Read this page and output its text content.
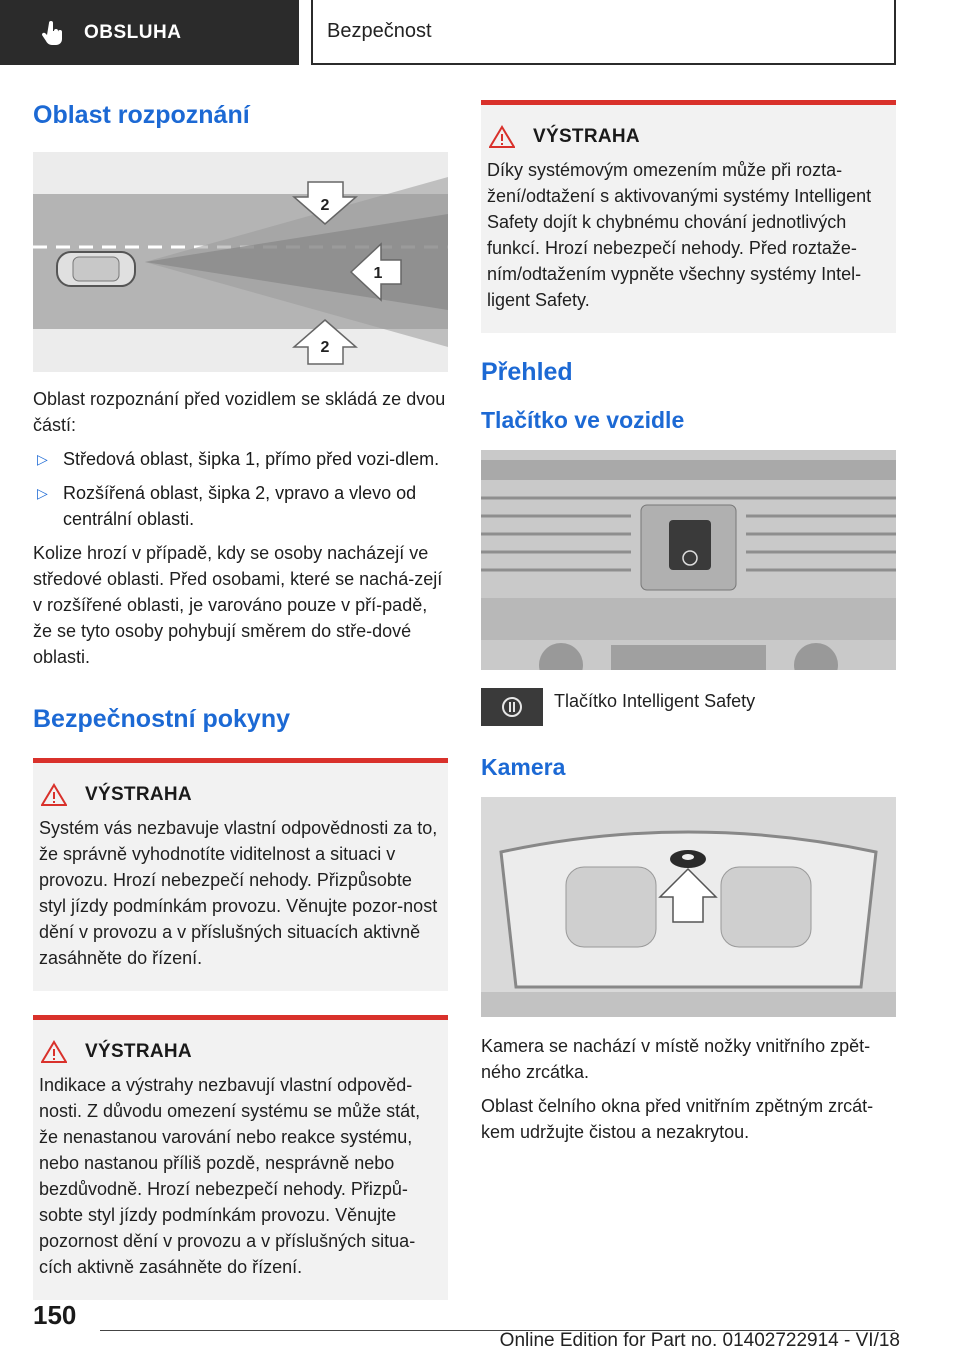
OBSLUHA	Bezpečnost
Oblast rozpoznání
2
1
2

Oblast rozpoznání před vozidlem se skládá ze dvou částí:

▷ Středová oblast, šipka 1, přímo před vozi-dlem.
▷ Rozšířená oblast, šipka 2, vpravo a vlevo od centrální oblasti.

Kolize hrozí v případě, kdy se osoby nacházejí ve středové oblasti. Před osobami, které se nachá-zejí v rozšířené oblasti, je varováno pouze v pří-padě, že se tyto osoby pohybují směrem do stře-dové oblasti.

Bezpečnostní pokyny
VÝSTRAHA

Systém vás nezbavuje vlastní odpovědnosti za to, že správně vyhodnotíte viditelnost a situaci v provozu. Hrozí nebezpečí nehody. Přizpůsobte styl jízdy podmínkám provozu. Věnujte pozor-nost dění v provozu a v příslušných situacích aktivně zasáhněte do řízení.

VÝSTRAHA

Indikace a výstrahy nezbavují vlastní odpověd-nosti. Z důvodu omezení systému se může stát, že nenastanou varování nebo reakce systému, nebo nastanou příliš pozdě, nesprávně nebo bezdůvodně. Hrozí nebezpečí nehody. Přizpů-sobte styl jízdy podmínkám provozu. Věnujte pozornost dění v provozu a v příslušných situa-cích aktivně zasáhněte do řízení.

VÝSTRAHA

Díky systémovým omezením může při rozta-žení/odtažení s aktivovanými systémy Intelligent Safety dojít k chybnému chování jednotlivých funkcí. Hrozí nebezpečí nehody. Před roztaže-ním/odtažením vypněte všechny systémy Intel-ligent Safety.

Přehled
Tlačítko ve vozidle

Tlačítko Intelligent Safety

Kamera

Kamera se nachází v místě nožky vnitřního zpět-ného zrcátka.

Oblast čelního okna před vnitřním zpětným zrcát-kem udržujte čistou a nezakrytou.

150
Online Edition for Part no. 01402722914 - VI/18
